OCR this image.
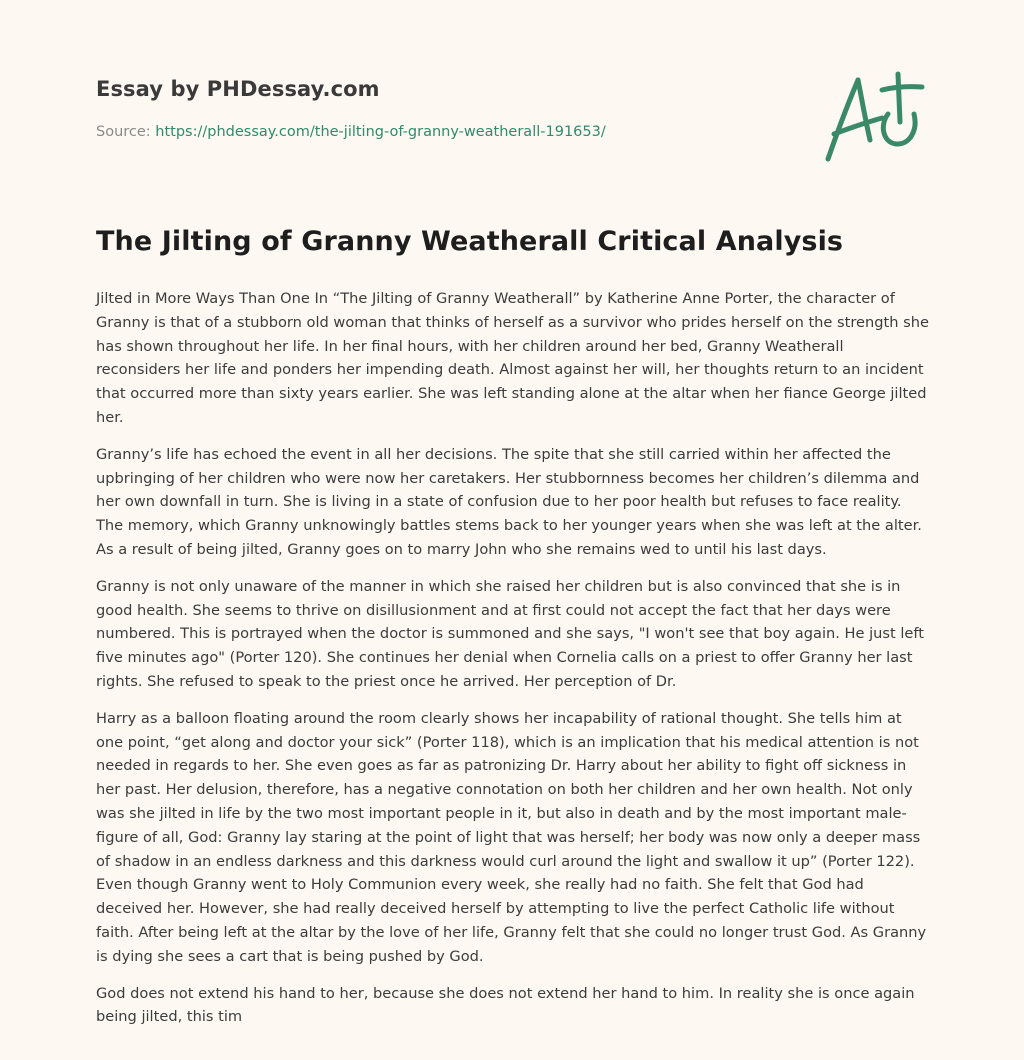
Essay by PHDessay.com
Source: https://phdessay.com/the-jilting-of-granny-weatherall-191653/
The Jilting of Granny Weatherall Critical Analysis

Jilted in More Ways Than One In “The Jilting of Granny Weatherall” by Katherine Anne Porter, the character of Granny is that of a stubborn old woman that thinks of herself as a survivor who prides herself on the strength she has shown throughout her life. In her final hours, with her children around her bed, Granny Weatherall reconsiders her life and ponders her impending death. Almost against her will, her thoughts return to an incident that occurred more than sixty years earlier. She was left standing alone at the altar when her fiance George jilted her.

Granny’s life has echoed the event in all her decisions. The spite that she still carried within her affected the upbringing of her children who were now her caretakers. Her stubbornness becomes her children’s dilemma and her own downfall in turn. She is living in a state of confusion due to her poor health but refuses to face reality. The memory, which Granny unknowingly battles stems back to her younger years when she was left at the alter. As a result of being jilted, Granny goes on to marry John who she remains wed to until his last days.

Granny is not only unaware of the manner in which she raised her children but is also convinced that she is in good health. She seems to thrive on disillusionment and at first could not accept the fact that her days were numbered. This is portrayed when the doctor is summoned and she says, "I won't see that boy again. He just left five minutes ago" (Porter 120). She continues her denial when Cornelia calls on a priest to offer Granny her last rights. She refused to speak to the priest once he arrived. Her perception of Dr.

Harry as a balloon floating around the room clearly shows her incapability of rational thought. She tells him at one point, “get along and doctor your sick” (Porter 118), which is an implication that his medical attention is not needed in regards to her. She even goes as far as patronizing Dr. Harry about her ability to fight off sickness in her past. Her delusion, therefore, has a negative connotation on both her children and her own health. Not only was she jilted in life by the two most important people in it, but also in death and by the most important male-figure of all, God: Granny lay staring at the point of light that was herself; her body was now only a deeper mass of shadow in an endless darkness and this darkness would curl around the light and swallow it up” (Porter 122). Even though Granny went to Holy Communion every week, she really had no faith. She felt that God had deceived her. However, she had really deceived herself by attempting to live the perfect Catholic life without faith. After being left at the altar by the love of her life, Granny felt that she could no longer trust God. As Granny is dying she sees a cart that is being pushed by God.

God does not extend his hand to her, because she does not extend her hand to him. In reality she is once again being jilted, this tim
